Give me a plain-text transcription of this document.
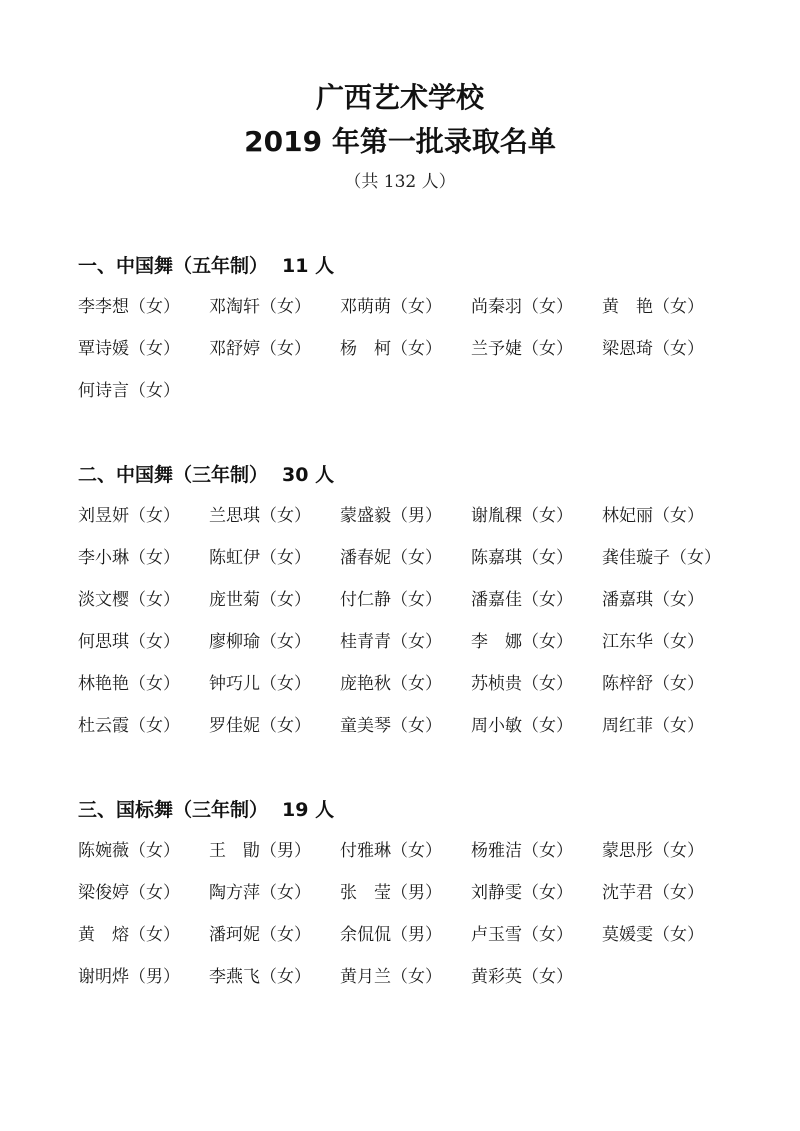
广西艺术学校
2019 年第一批录取名单
（共 132 人）
一、中国舞（五年制） 11 人
李李想（女）	邓淘轩（女）	邓萌萌（女）	尚秦羽（女）	黄　艳（女）
覃诗媛（女）	邓舒婷（女）	杨　柯（女）	兰予婕（女）	梁恩琦（女）
何诗言（女）
二、中国舞（三年制） 30 人
刘昱妍（女）	兰思琪（女）	蒙盛毅（男）	谢胤稞（女）	林妃丽（女）
李小琳（女）	陈虹伊（女）	潘春妮（女）	陈嘉琪（女）	龚佳璇子（女）
淡文樱（女）	庞世菊（女）	付仁静（女）	潘嘉佳（女）	潘嘉琪（女）
何思琪（女）	廖柳瑜（女）	桂青青（女）	李　娜（女）	江东华（女）
林艳艳（女）	钟巧儿（女）	庞艳秋（女）	苏桢贵（女）	陈梓舒（女）
杜云霞（女）	罗佳妮（女）	童美琴（女）	周小敏（女）	周红菲（女）
三、国标舞（三年制） 19 人
陈婉薇（女）	王　勖（男）	付雅琳（女）	杨雅洁（女）	蒙思彤（女）
梁俊婷（女）	陶方萍（女）	张　莹（男）	刘静雯（女）	沈芋君（女）
黄　熔（女）	潘珂妮（女）	余侃侃（男）	卢玉雪（女）	莫媛雯（女）
谢明烨（男）	李燕飞（女）	黄月兰（女）	黄彩英（女）
